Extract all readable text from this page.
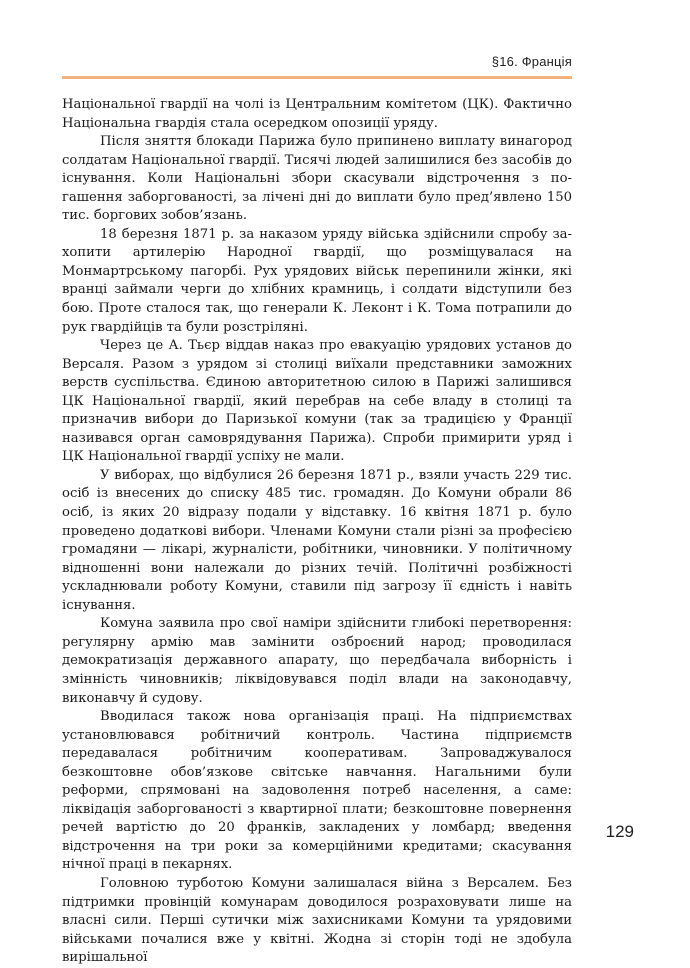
§16. Франція

Національної гвардії на чолі із Центральним комітетом (ЦК). Фактично Національна гвардія стала осередком опозиції уряду.

Після зняття блокади Парижа було припинено виплату винагород солдатам Національної гвардії. Тисячі людей залишилися без засобів до існування. Коли Національні збори скасували відстрочення з погашення заборгованості, за лічені дні до виплати було пред’явлено 150 тис. боргових зобов’язань.

18 березня 1871 р. за наказом уряду війська здійснили спробу захопити артилерію Народної гвардії, що розміщувалася на Монмартрському пагорбі. Рух урядових військ перепинили жінки, які вранці займали черги до хлібних крамниць, і солдати відступили без бою. Проте сталося так, що генерали К. Леконт і К. Тома потрапили до рук гвардійців та були розстріляні.

Через це А. Тьєр віддав наказ про евакуацію урядових установ до Версаля. Разом з урядом зі столиці виїхали представники заможних верств суспільства. Єдиною авторитетною силою в Парижі залишився ЦК Національної гвардії, який перебрав на себе владу в столиці та призначив вибори до Паризької комуни (так за традицією у Франції називався орган самоврядування Парижа). Спроби примирити уряд і ЦК Національної гвардії успіху не мали.

У виборах, що відбулися 26 березня 1871 р., взяли участь 229 тис. осіб із внесених до списку 485 тис. громадян. До Комуни обрали 86 осіб, із яких 20 відразу подали у відставку. 16 квітня 1871 р. було проведено додаткові вибори. Членами Комуни стали різні за професією громадяни — лікарі, журналісти, робітники, чиновники. У політичному відношенні вони належали до різних течій. Політичні розбіжності ускладнювали роботу Комуни, ставили під загрозу її єдність і навіть існування.

Комуна заявила про свої наміри здійснити глибокі перетворення: регулярну армію мав замінити озброєний народ; проводилася демократизація державного апарату, що передбачала виборність і змінність чиновників; ліквідовувався поділ влади на законодавчу, виконавчу й судову.

Вводилася також нова організація праці. На підприємствах установлювався робітничий контроль. Частина підприємств передавалася робітничим кооперативам. Запроваджувалося безкоштовне обов’язкове світське навчання. Нагальними були реформи, спрямовані на задоволення потреб населення, а саме: ліквідація заборгованості з квартирної плати; безкоштовне повернення речей вартістю до 20 франків, закладених у ломбард; введення відстрочення на три роки за комерційними кредитами; скасування нічної праці в пекарнях.

Головною турботою Комуни залишалася війна з Версалем. Без підтримки провінцій комунарам доводилося розраховувати лише на власні сили. Перші сутички між захисниками Комуни та урядовими військами почалися вже у квітні. Жодна зі сторін тоді не здобула вирішальної

129
